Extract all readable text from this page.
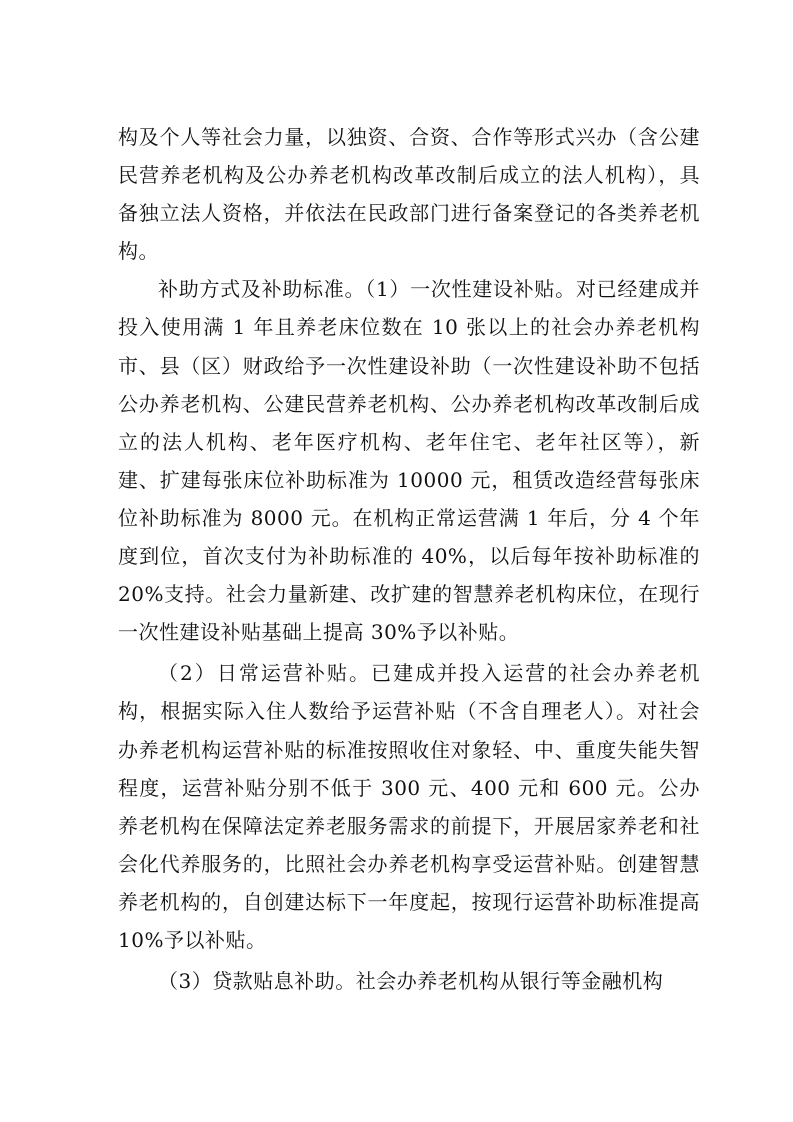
构及个人等社会力量，以独资、合资、合作等形式兴办（含公建民营养老机构及公办养老机构改革改制后成立的法人机构），具备独立法人资格，并依法在民政部门进行备案登记的各类养老机构。

补助方式及补助标准。（1）一次性建设补贴。对已经建成并投入使用满 1 年且养老床位数在 10 张以上的社会办养老机构市、县（区）财政给予一次性建设补助（一次性建设补助不包括公办养老机构、公建民营养老机构、公办养老机构改革改制后成立的法人机构、老年医疗机构、老年住宅、老年社区等），新建、扩建每张床位补助标准为 10000 元，租赁改造经营每张床位补助标准为 8000 元。在机构正常运营满 1 年后，分 4 个年度到位，首次支付为补助标准的 40%，以后每年按补助标准的 20%支持。社会力量新建、改扩建的智慧养老机构床位，在现行一次性建设补贴基础上提高 30%予以补贴。

（2）日常运营补贴。已建成并投入运营的社会办养老机构，根据实际入住人数给予运营补贴（不含自理老人）。对社会办养老机构运营补贴的标准按照收住对象轻、中、重度失能失智程度，运营补贴分别不低于 300 元、400 元和 600 元。公办养老机构在保障法定养老服务需求的前提下，开展居家养老和社会化代养服务的，比照社会办养老机构享受运营补贴。创建智慧养老机构的，自创建达标下一年度起，按现行运营补助标准提高 10%予以补贴。

（3）贷款贴息补助。社会办养老机构从银行等金融机构
